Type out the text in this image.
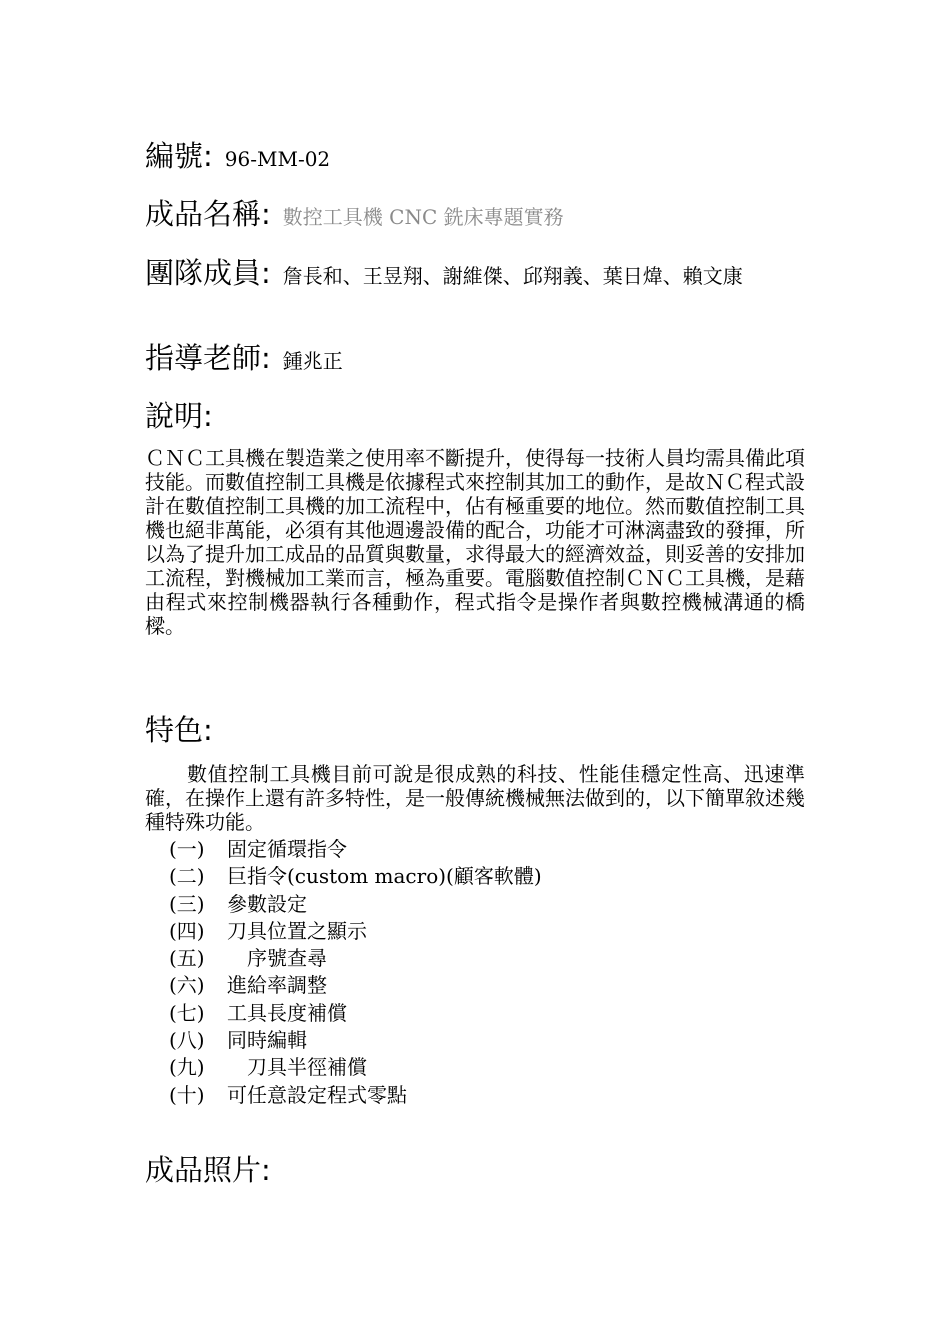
編號: 96-MM-02
成品名稱: 數控工具機 CNC 銑床專題實務
團隊成員: 詹長和、王昱翔、謝維傑、邱翔義、葉日煒、賴文康
指導老師: 鍾兆正
說明:
ＣＮＣ工具機在製造業之使用率不斷提升，使得每一技術人員均需具備此項技能。而數值控制工具機是依據程式來控制其加工的動作，是故ＮＣ程式設計在數值控制工具機的加工流程中，佔有極重要的地位。然而數值控制工具機也絕非萬能，必須有其他週邊設備的配合，功能才可淋漓盡致的發揮，所以為了提升加工成品的品質與數量，求得最大的經濟效益，則妥善的安排加工流程，對機械加工業而言，極為重要。電腦數值控制ＣＮＣ工具機，是藉由程式來控制機器執行各種動作，程式指令是操作者與數控機械溝通的橋樑。
特色:
數值控制工具機目前可說是很成熟的科技、性能佳穩定性高、迅速準確，在操作上還有許多特性，是一般傳統機械無法做到的，以下簡單敘述幾種特殊功能。
(一) 固定循環指令
(二) 巨指令(custom macro)(顧客軟體)
(三) 參數設定
(四) 刀具位置之顯示
(五)　序號查尋
(六) 進給率調整
(七) 工具長度補償
(八) 同時編輯
(九)　刀具半徑補償
(十) 可任意設定程式零點
成品照片:
